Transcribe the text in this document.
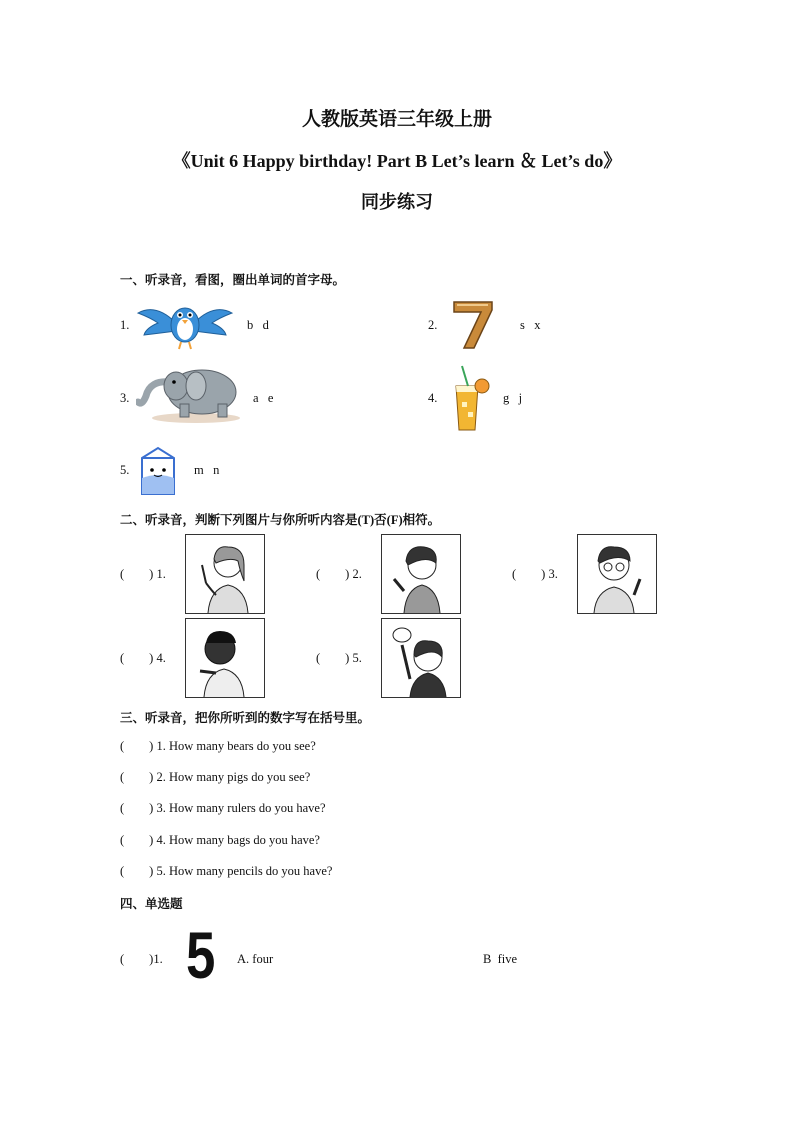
人教版英语三年级上册
《Unit 6 Happy birthday! Part B Let’s learn ＆ Let’s do》
同步练习
一、听录音，看图，圈出单词的首字母。
1.	b   d	2.	s   x
3.	a   e	4.	g   j
5.	m   n
二、听录音，判断下列图片与你所听内容是(T)否(F)相符。
(        ) 1.	(        ) 2.	(        ) 3.
(        ) 4.	(        ) 5.
三、听录音，把你所听到的数字写在括号里。
(        ) 1. How many bears do you see?
(        ) 2. How many pigs do you see?
(        ) 3. How many rulers do you have?
(        ) 4. How many bags do you have?
(        ) 5. How many pencils do you have?
四、单选题
(        )1. 5 A. four	B  five
